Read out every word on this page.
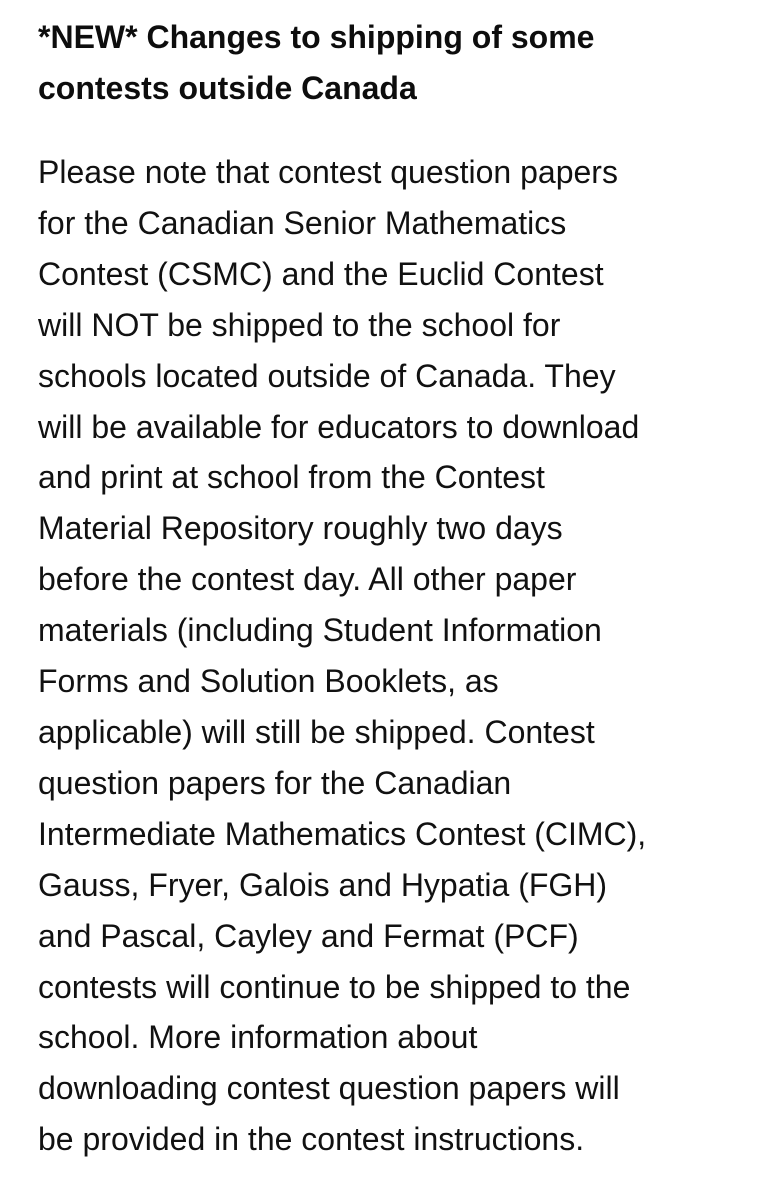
*NEW* Changes to shipping of some
contests outside Canada

Please note that contest question papers
for the Canadian Senior Mathematics
Contest (CSMC) and the Euclid Contest
will NOT be shipped to the school for
schools located outside of Canada. They
will be available for educators to download
and print at school from the Contest
Material Repository roughly two days
before the contest day. All other paper
materials (including Student Information
Forms and Solution Booklets, as
applicable) will still be shipped. Contest
question papers for the Canadian
Intermediate Mathematics Contest (CIMC),
Gauss, Fryer, Galois and Hypatia (FGH)
and Pascal, Cayley and Fermat (PCF)
contests will continue to be shipped to the
school. More information about
downloading contest question papers will
be provided in the contest instructions.
